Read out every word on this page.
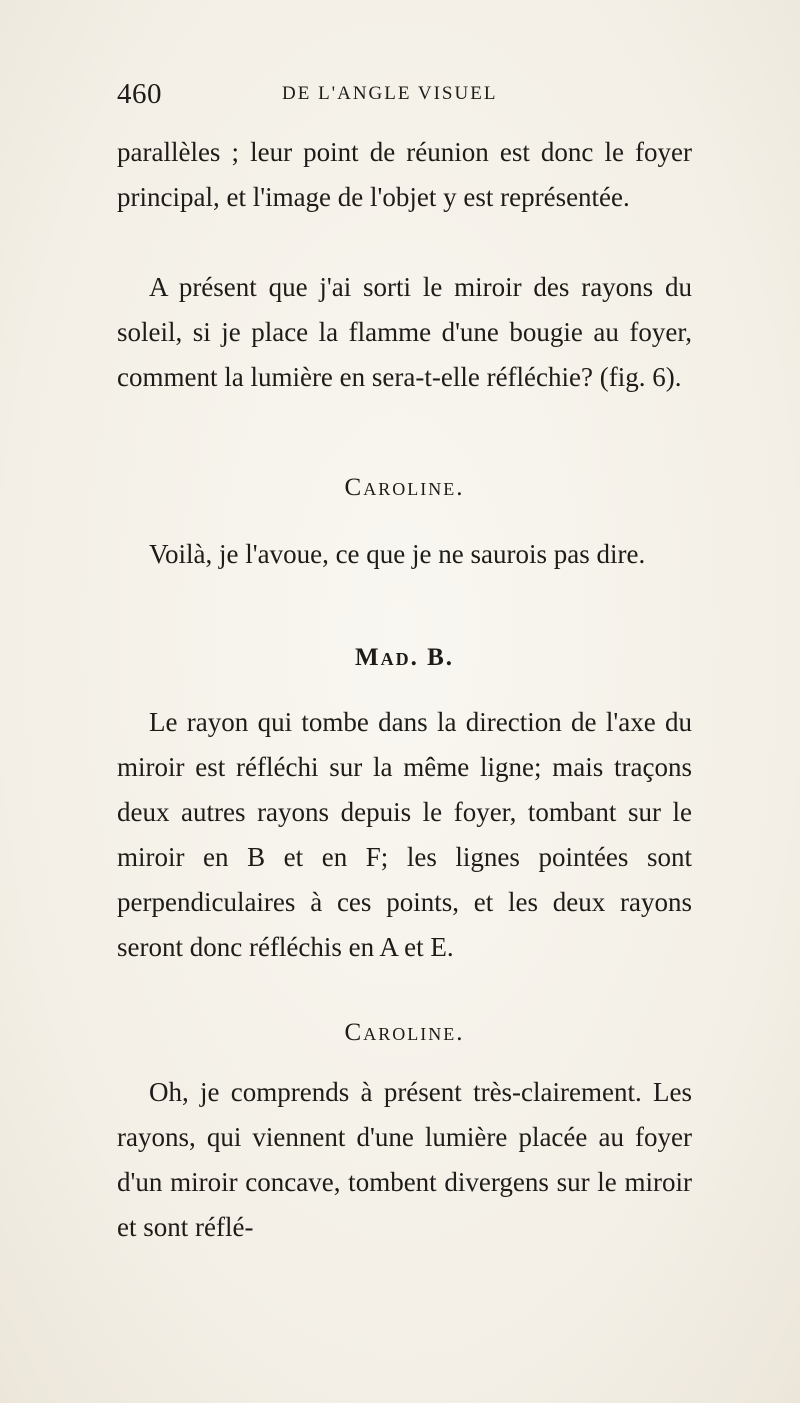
460	DE L'ANGLE VISUEL

parallèles ; leur point de réunion est donc le foyer principal, et l'image de l'objet y est représentée.

A présent que j'ai sorti le miroir des rayons du soleil, si je place la flamme d'une bougie au foyer, comment la lumière en sera-t-elle réfléchie? (fig. 6).

Caroline.

Voilà, je l'avoue, ce que je ne saurois pas dire.

Mad. B.

Le rayon qui tombe dans la direction de l'axe du miroir est réfléchi sur la même ligne; mais traçons deux autres rayons depuis le foyer, tombant sur le miroir en B et en F; les lignes pointées sont perpendiculaires à ces points, et les deux rayons seront donc réfléchis en A et E.

Caroline.

Oh, je comprends à présent très-clairement. Les rayons, qui viennent d'une lumière placée au foyer d'un miroir concave, tombent divergens sur le miroir et sont réflé-
